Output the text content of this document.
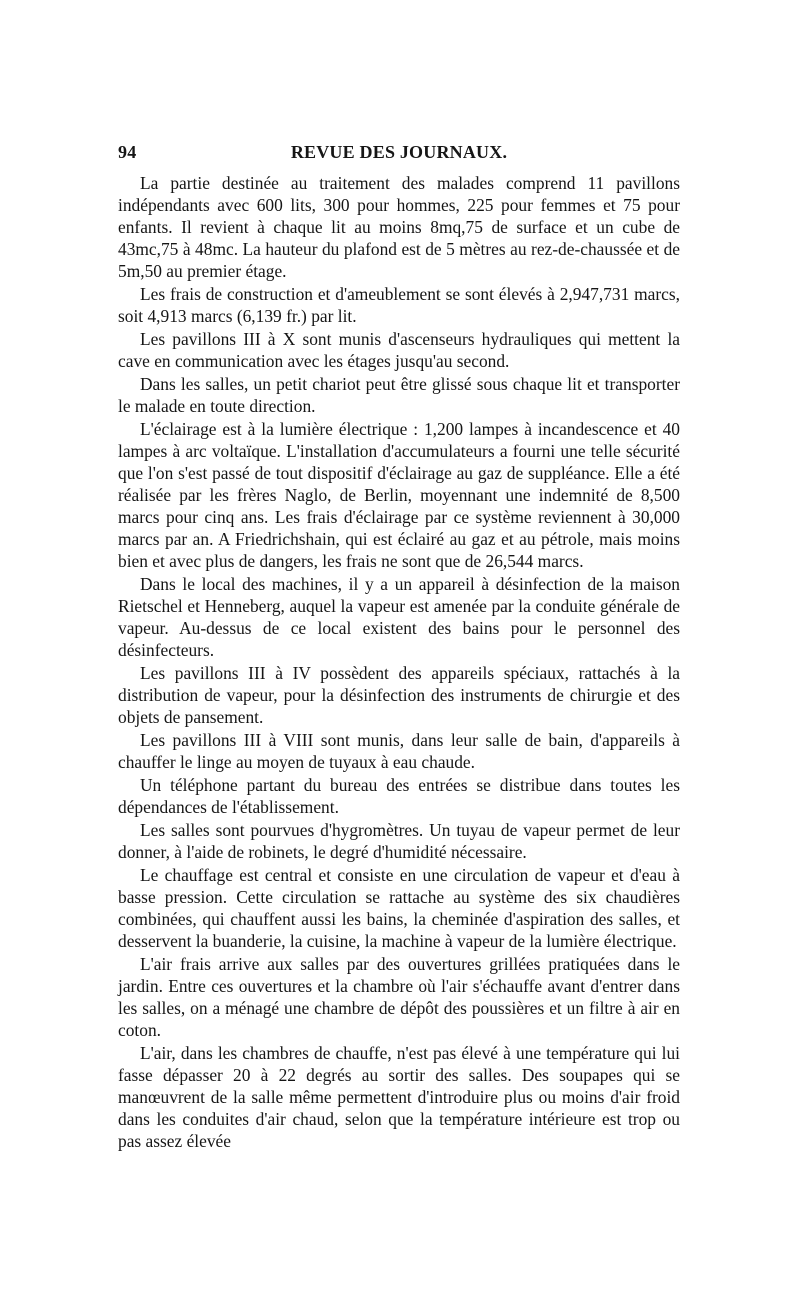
94	REVUE DES JOURNAUX.

La partie destinée au traitement des malades comprend 11 pavillons indépendants avec 600 lits, 300 pour hommes, 225 pour femmes et 75 pour enfants. Il revient à chaque lit au moins 8mq,75 de surface et un cube de 43mc,75 à 48mc. La hauteur du plafond est de 5 mètres au rez-de-chaussée et de 5m,50 au premier étage.

Les frais de construction et d'ameublement se sont élevés à 2,947,731 marcs, soit 4,913 marcs (6,139 fr.) par lit.

Les pavillons III à X sont munis d'ascenseurs hydrauliques qui mettent la cave en communication avec les étages jusqu'au second.

Dans les salles, un petit chariot peut être glissé sous chaque lit et transporter le malade en toute direction.

L'éclairage est à la lumière électrique : 1,200 lampes à incandescence et 40 lampes à arc voltaïque. L'installation d'accumulateurs a fourni une telle sécurité que l'on s'est passé de tout dispositif d'éclairage au gaz de suppléance. Elle a été réalisée par les frères Naglo, de Berlin, moyennant une indemnité de 8,500 marcs pour cinq ans. Les frais d'éclairage par ce système reviennent à 30,000 marcs par an. A Friedrichshain, qui est éclairé au gaz et au pétrole, mais moins bien et avec plus de dangers, les frais ne sont que de 26,544 marcs.

Dans le local des machines, il y a un appareil à désinfection de la maison Rietschel et Henneberg, auquel la vapeur est amenée par la conduite générale de vapeur. Au-dessus de ce local existent des bains pour le personnel des désinfecteurs.

Les pavillons III à IV possèdent des appareils spéciaux, rattachés à la distribution de vapeur, pour la désinfection des instruments de chirurgie et des objets de pansement.

Les pavillons III à VIII sont munis, dans leur salle de bain, d'appareils à chauffer le linge au moyen de tuyaux à eau chaude.

Un téléphone partant du bureau des entrées se distribue dans toutes les dépendances de l'établissement.

Les salles sont pourvues d'hygromètres. Un tuyau de vapeur permet de leur donner, à l'aide de robinets, le degré d'humidité nécessaire.

Le chauffage est central et consiste en une circulation de vapeur et d'eau à basse pression. Cette circulation se rattache au système des six chaudières combinées, qui chauffent aussi les bains, la cheminée d'aspiration des salles, et desservent la buanderie, la cuisine, la machine à vapeur de la lumière électrique.

L'air frais arrive aux salles par des ouvertures grillées pratiquées dans le jardin. Entre ces ouvertures et la chambre où l'air s'échauffe avant d'entrer dans les salles, on a ménagé une chambre de dépôt des poussières et un filtre à air en coton.

L'air, dans les chambres de chauffe, n'est pas élevé à une température qui lui fasse dépasser 20 à 22 degrés au sortir des salles. Des soupapes qui se manœuvrent de la salle même permettent d'introduire plus ou moins d'air froid dans les conduites d'air chaud, selon que la température intérieure est trop ou pas assez élevée
